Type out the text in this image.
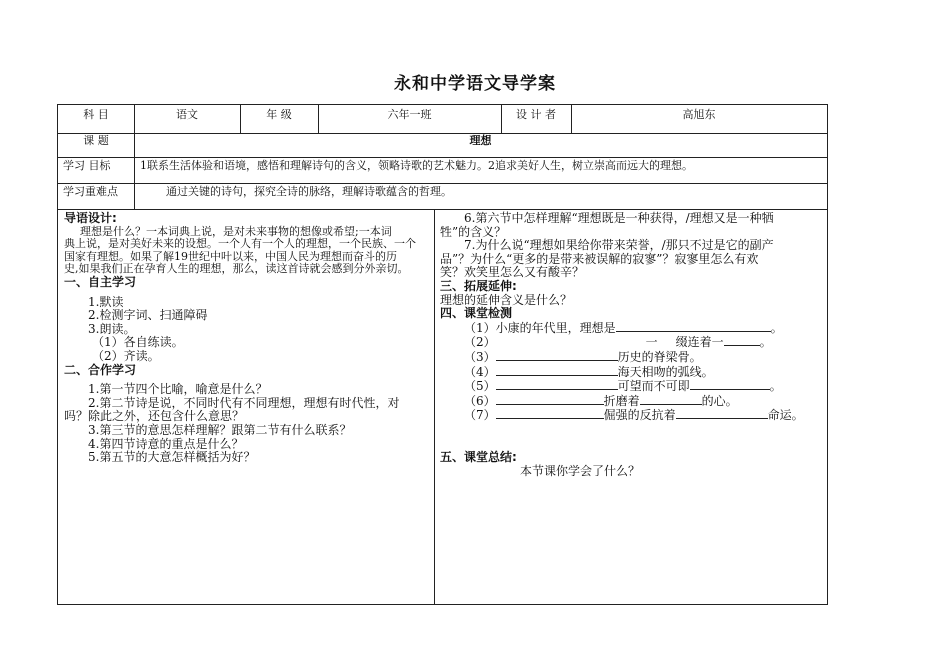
永和中学语文导学案
科 目	语文	年 级	六年一班	设 计 者	高旭东
课 题	理想
学习 目标	1联系生活体验和语境，感悟和理解诗句的含义，领略诗歌的艺术魅力。2追求美好人生，树立崇高而远大的理想。
学习重难点	通过关键的诗句，探究全诗的脉络，理解诗歌蕴含的哲理。

导语设计:

理想是什么？一本词典上说，是对未来事物的想像或希望;一本词

典上说，是对美好未来的设想。一个人有一个人的理想，一个民族、一个

国家有理想。如果了解19世纪中叶以来，中国人民为理想而奋斗的历

史,如果我们正在孕育人生的理想，那么，读这首诗就会感到分外亲切。

一、自主学习

1.默读

2.检测字词、扫通障碍

3.朗读。

（1）各自练读。

（2）齐读。

二、合作学习

1.第一节四个比喻，喻意是什么？

2.第二节诗是说，不同时代有不同理想，理想有时代性，对

吗？除此之外，还包含什么意思？

3.第三节的意思怎样理解？跟第二节有什么联系？

4.第四节诗意的重点是什么？

5.第五节的大意怎样概括为好？

6.第六节中怎样理解“理想既是一种获得，/理想又是一种牺

牲”的含义？

7.为什么说“理想如果给你带来荣誉，/那只不过是它的副产

品”？为什么“更多的是带来被误解的寂寥”？寂寥里怎么有欢

笑？欢笑里怎么又有酸辛？

三、拓展延伸:

理想的延伸含义是什么？

四、课堂检测

（1）小康的年代里，理想是	。

（2）	一 缀连着一	。

（3）	历史的脊梁骨。

（4）	海天相吻的弧线。

（5）	可望而不可即	。

（6）	折磨着	的心。

（7）	倔强的反抗着	命运。

五、课堂总结:

本节课你学会了什么？
